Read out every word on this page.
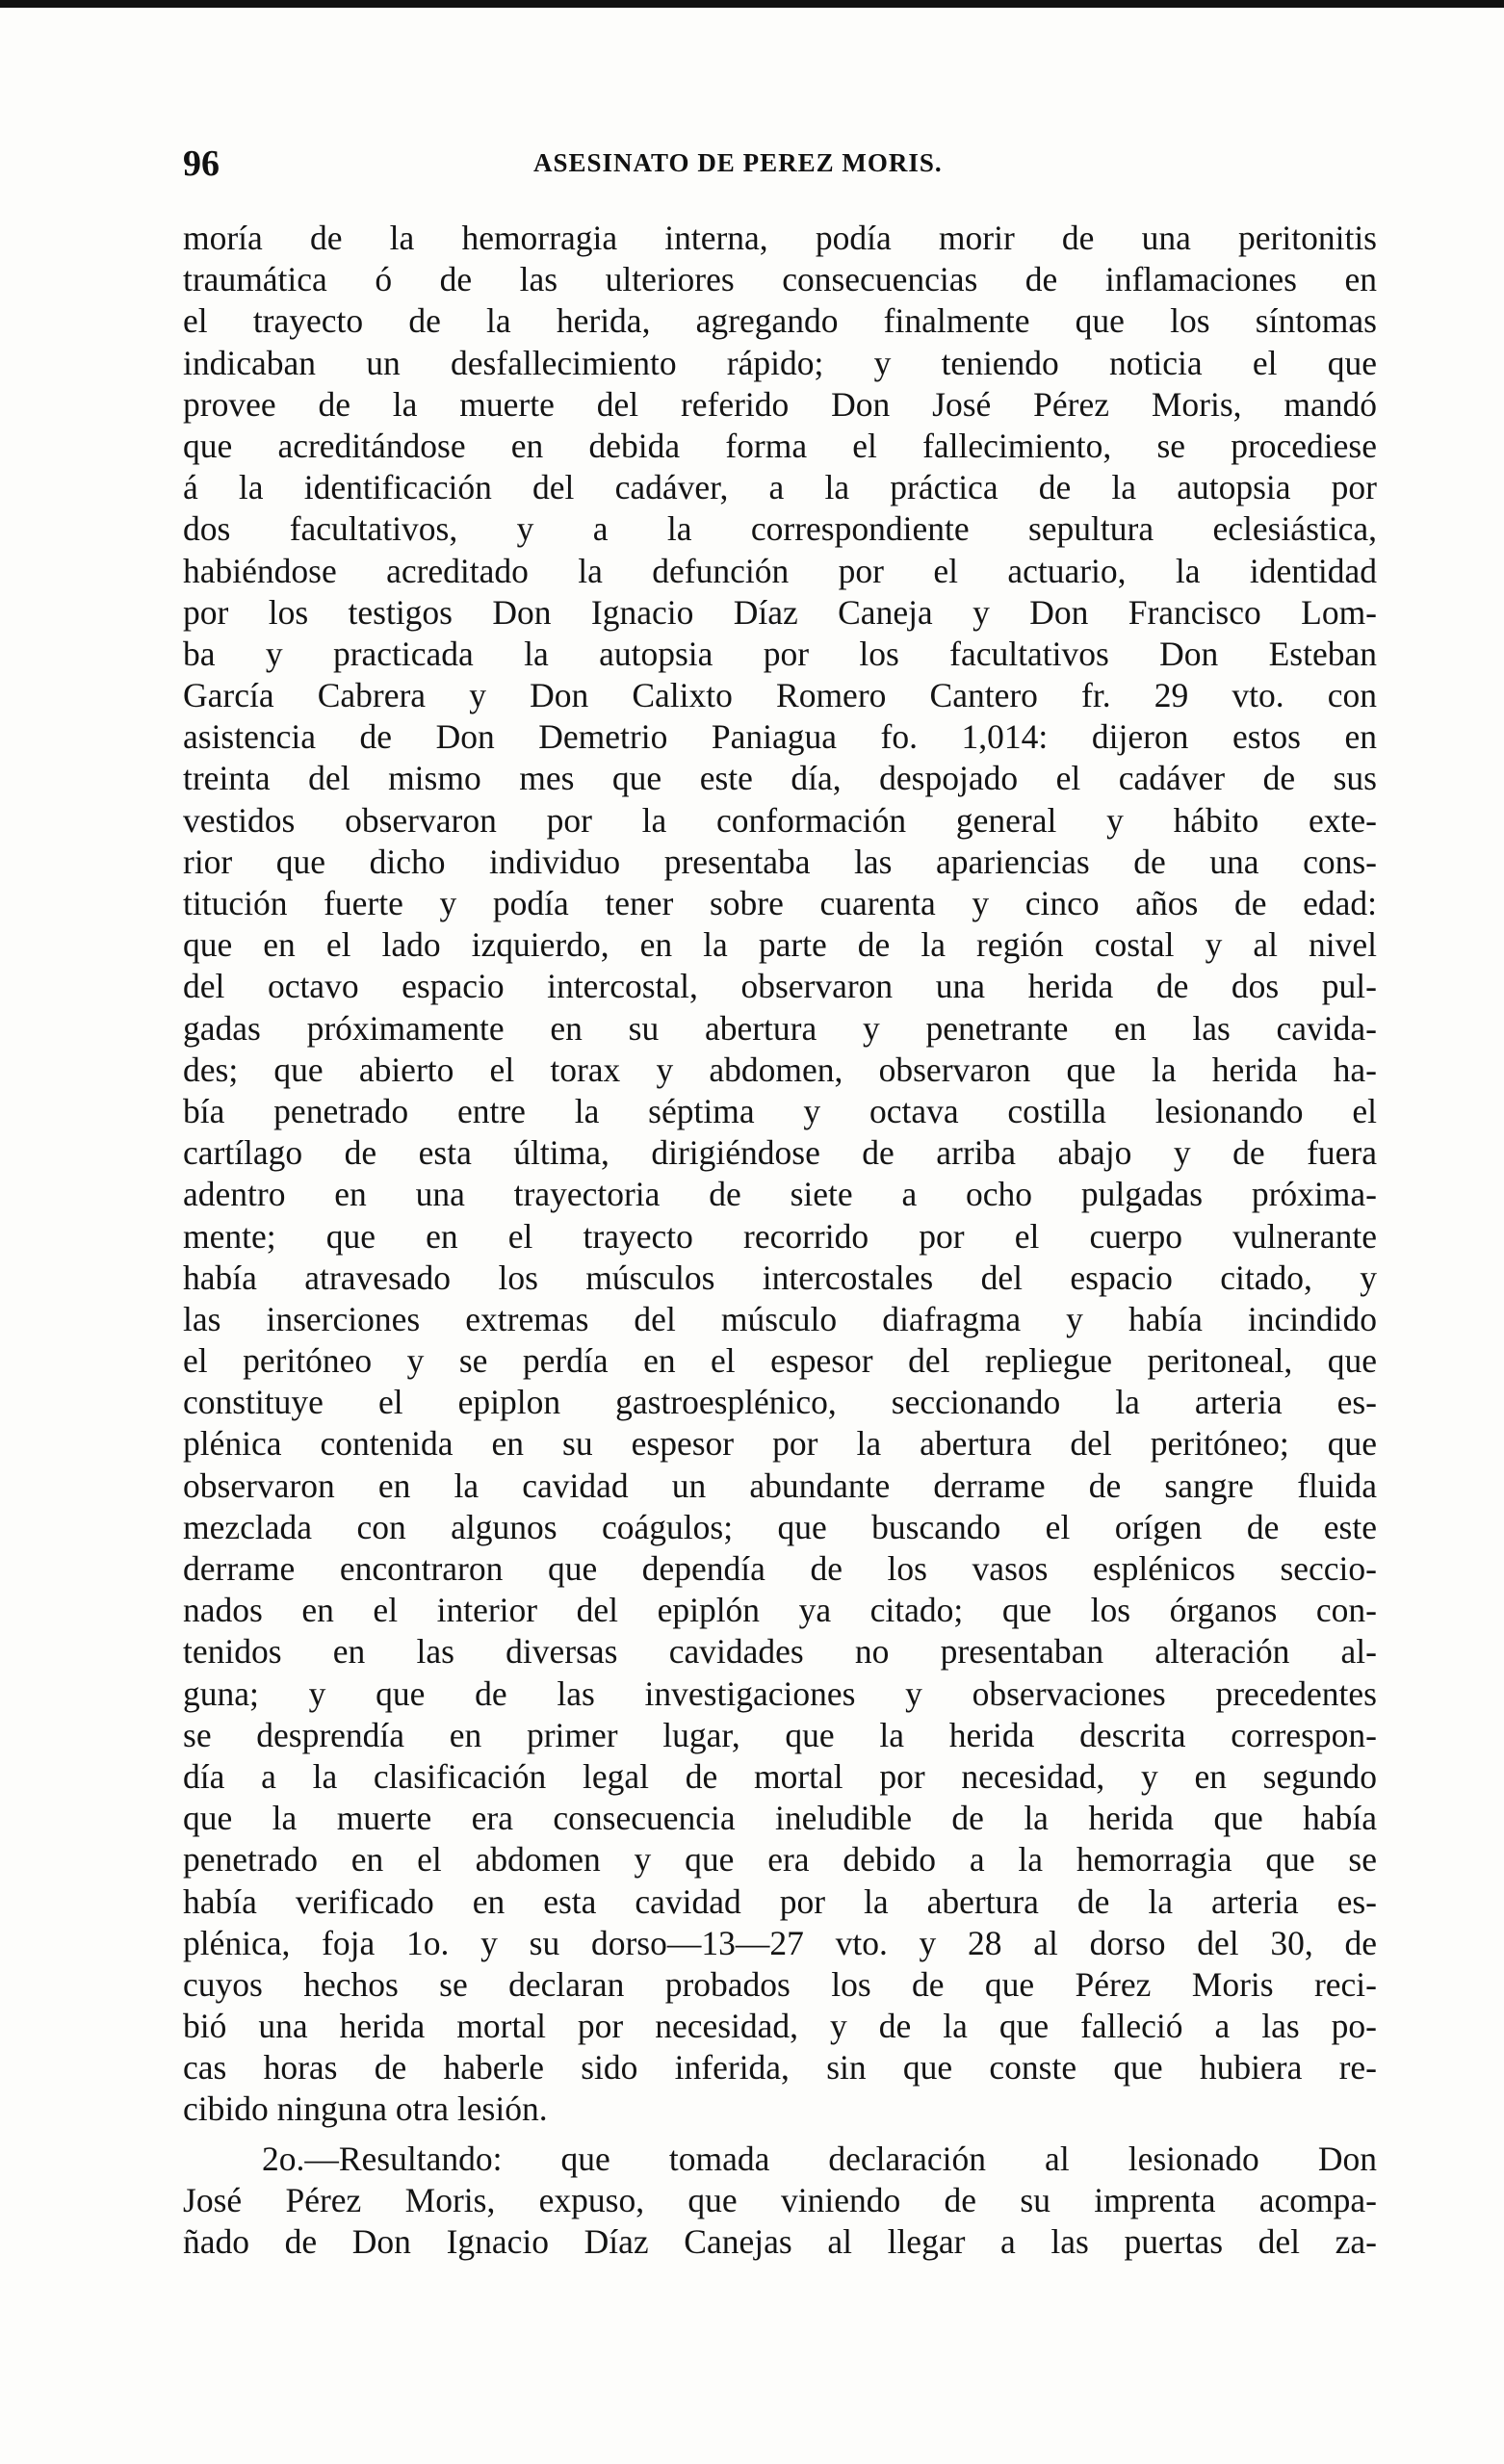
96	ASESINATO DE PEREZ MORIS.
moría de la hemorragia interna, podía morir de una peritonitis
traumática ó de las ulteriores consecuencias de inflamaciones en
el trayecto de la herida, agregando finalmente que los síntomas
indicaban un desfallecimiento rápido; y teniendo noticia el que
provee de la muerte del referido Don José Pérez Moris, mandó
que acreditándose en debida forma el fallecimiento, se procediese
á la identificación del cadáver, a la práctica de la autopsia por
dos facultativos, y a la correspondiente sepultura eclesiástica,
habiéndose acreditado la defunción por el actuario, la identidad
por los testigos Don Ignacio Díaz Caneja y Don Francisco Lom-
ba y practicada la autopsia por los facultativos Don Esteban
García Cabrera y Don Calixto Romero Cantero fr. 29 vto. con
asistencia de Don Demetrio Paniagua fo. 1,014: dijeron estos en
treinta del mismo mes que este día, despojado el cadáver de sus
vestidos observaron por la conformación general y hábito exte-
rior que dicho individuo presentaba las apariencias de una cons-
titución fuerte y podía tener sobre cuarenta y cinco años de edad:
que en el lado izquierdo, en la parte de la región costal y al nivel
del octavo espacio intercostal, observaron una herida de dos pul-
gadas próximamente en su abertura y penetrante en las cavida-
des; que abierto el torax y abdomen, observaron que la herida ha-
bía penetrado entre la séptima y octava costilla lesionando el
cartílago de esta última, dirigiéndose de arriba abajo y de fuera
adentro en una trayectoria de siete a ocho pulgadas próxima-
mente; que en el trayecto recorrido por el cuerpo vulnerante
había atravesado los músculos intercostales del espacio citado, y
las inserciones extremas del músculo diafragma y había incindido
el peritóneo y se perdía en el espesor del repliegue peritoneal, que
constituye el epiplon gastroesplénico, seccionando la arteria es-
plénica contenida en su espesor por la abertura del peritóneo; que
observaron en la cavidad un abundante derrame de sangre fluida
mezclada con algunos coágulos; que buscando el orígen de este
derrame encontraron que dependía de los vasos esplénicos seccio-
nados en el interior del epiplón ya citado; que los órganos con-
tenidos en las diversas cavidades no presentaban alteración al-
guna; y que de las investigaciones y observaciones precedentes
se desprendía en primer lugar, que la herida descrita correspon-
día a la clasificación legal de mortal por necesidad, y en segundo
que la muerte era consecuencia ineludible de la herida que había
penetrado en el abdomen y que era debido a la hemorragia que se
había verificado en esta cavidad por la abertura de la arteria es-
plénica, foja 1o. y su dorso—13—27 vto. y 28 al dorso del 30, de
cuyos hechos se declaran probados los de que Pérez Moris reci-
bió una herida mortal por necesidad, y de la que falleció a las po-
cas horas de haberle sido inferida, sin que conste que hubiera re-
cibido ninguna otra lesión.
2o.—Resultando: que tomada declaración al lesionado Don
José Pérez Moris, expuso, que viniendo de su imprenta acompa-
ñado de Don Ignacio Díaz Canejas al llegar a las puertas del za-
